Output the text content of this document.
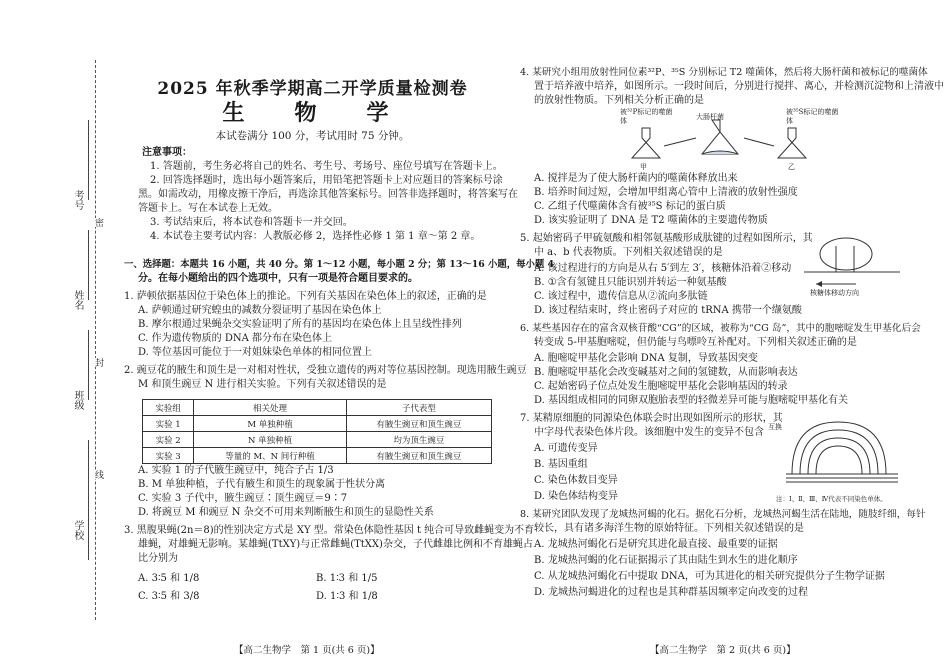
考号
姓名
班级
学校
密
封
线
2025 年秋季学期高二开学质量检测卷
生　物　学
本试卷满分 100 分，考试用时 75 分钟。
注意事项：
1. 答题前，考生务必将自己的姓名、考生号、考场号、座位号填写在答题卡上。
2. 回答选择题时，选出每小题答案后，用铅笔把答题卡上对应题目的答案标号涂
黑。如需改动，用橡皮擦干净后，再选涂其他答案标号。回答非选择题时，将答案写在
答题卡上。写在本试卷上无效。
3. 考试结束后，将本试卷和答题卡一并交回。
4. 本试卷主要考试内容：人教版必修 2，选择性必修 1 第 1 章～第 2 章。
一、选择题：本题共 16 小题，共 40 分。第 1～12 小题，每小题 2 分；第 13～16 小题，每小题 4
分。在每小题给出的四个选项中，只有一项是符合题目要求的。
1. 萨顿依据基因位于染色体上的推论。下列有关基因在染色体上的叙述，正确的是
A. 萨顿通过研究蝗虫的减数分裂证明了基因在染色体上
B. 摩尔根通过果蝇杂交实验证明了所有的基因均在染色体上且呈线性排列
C. 作为遗传物质的 DNA 都分布在染色体上
D. 等位基因可能位于一对姐妹染色单体的相同位置上
2. 豌豆花的腋生和顶生是一对相对性状，受独立遗传的两对等位基因控制。现选用腋生豌豆
M 和顶生豌豆 N 进行相关实验。下列有关叙述错误的是
实验组	相关处理	子代表型
实验 1	M 单独种植	有腋生豌豆和顶生豌豆
实验 2	N 单独种植	均为顶生豌豆
实验 3	等量的 M、N 间行种植	有腋生豌豆和顶生豌豆
A. 实验 1 的子代腋生豌豆中，纯合子占 1/3
B. M 单独种植，子代有腋生和顶生的现象属于性状分离
C. 实验 3 子代中，腋生豌豆∶顶生豌豆＝9∶7
D. 将豌豆 M 和豌豆 N 杂交不可用来判断腋生和顶生的显隐性关系
3. 黑腹果蝇(2n＝8)的性别决定方式是 XY 型。常染色体隐性基因 t 纯合可导致雌蝇变为不育
雄蝇，对雄蝇无影响。某雄蝇(TtXY)与正常雌蝇(TtXX)杂交，子代雌雄比例和不育雄蝇占
比分别为
A. 3∶5 和 1/8	B. 1∶3 和 1/5
C. 3∶5 和 3/8	D. 1∶3 和 1/8
【高二生物学　第 1 页(共 6 页)】
4. 某研究小组用放射性同位素³²P、³⁵S 分别标记 T2 噬菌体，然后将大肠杆菌和被标记的噬菌体
置于培养液中培养，如图所示。一段时间后，分别进行搅拌、离心，并检测沉淀物和上清液中
的放射性物质。下列相关分析正确的是
被³²P标记的噬菌体	大肠杆菌
被³⁵S标记的噬菌体
甲	乙
A. 搅拌是为了使大肠杆菌内的噬菌体释放出来
B. 培养时间过短，会增加甲组离心管中上清液的放射性强度
C. 乙组子代噬菌体含有被³⁵S 标记的蛋白质
D. 该实验证明了 DNA 是 T2 噬菌体的主要遗传物质
5. 起始密码子甲硫氨酸和相邻氨基酸形成肽键的过程如图所示，其
中 a、b 代表物质。下列相关叙述错误的是
A. 该过程进行的方向是从右 5′到左 3′，核糖体沿着②移动
B. ①含有氢键且只能识别并转运一种氨基酸
C. 该过程中，遗传信息从②流向多肽链
D. 该过程结束时，终止密码子对应的 tRNA 携带一个缬氨酸
核糖体移动方向
6. 某些基因存在的富含双核苷酸“CG”的区域，被称为“CG 岛”，其中的胞嘧啶发生甲基化后会
转变成 5-甲基胞嘧啶，但仍能与鸟嘌呤互补配对。下列相关叙述正确的是
A. 胞嘧啶甲基化会影响 DNA 复制，导致基因突变
B. 胞嘧啶甲基化会改变碱基对之间的氢键数，从而影响表达
C. 起始密码子位点处发生胞嘧啶甲基化会影响基因的转录
D. 基因组成相同的同卵双胞胎表型的轻微差异可能与胞嘧啶甲基化有关
7. 某精原细胞的同源染色体联会时出现如图所示的形状，其
中字母代表染色体片段。该细胞中发生的变异不包含
A. 可遗传变异
B. 基因重组
C. 染色体数目变异
D. 染色体结构变异
互换
注：Ⅰ、Ⅱ、Ⅲ、Ⅳ代表不同染色单体。
8. 某研究团队发现了龙城热河蝎的化石。据化石分析，龙城热河蝎生活在陆地，随肢纤细，每针
较长，具有诸多海洋生物的原始特征。下列相关叙述错误的是
A. 龙城热河蝎化石是研究其进化最直接、最重要的证据
B. 龙城热河蝎的化石证据揭示了其由陆生到水生的进化顺序
C. 从龙城热河蝎化石中提取 DNA，可为其进化的相关研究提供分子生物学证据
D. 龙城热河蝎进化的过程也是其种群基因频率定向改变的过程
【高二生物学　第 2 页(共 6 页)】
